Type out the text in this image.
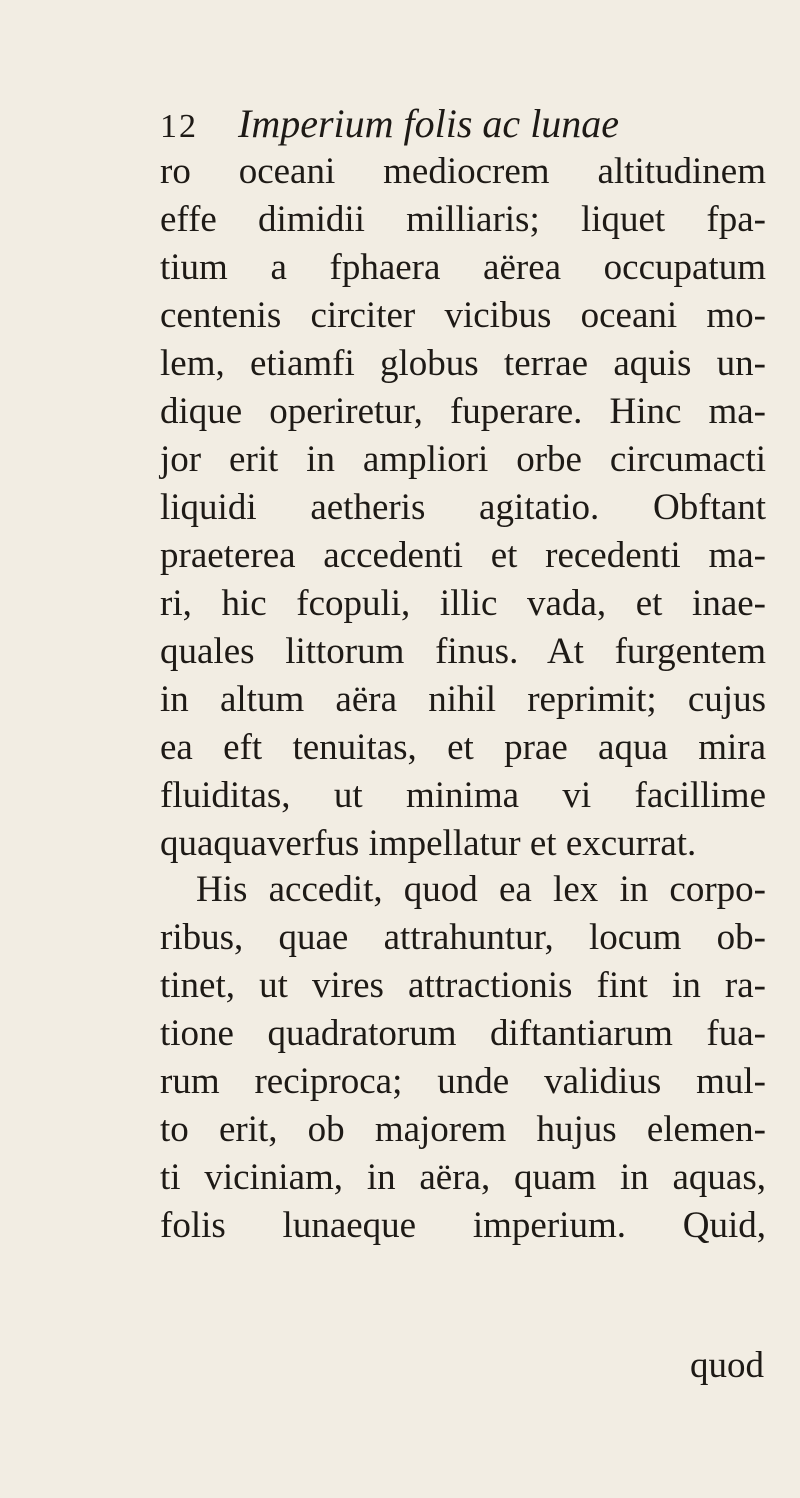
12 Imperium folis ac lunae
ro oceani mediocrem altitudinem
effe dimidii milliaris; liquet fpa-
tium a fphaera aërea occupatum
centenis circiter vicibus oceani mo-
lem, etiamfi globus terrae aquis un-
dique operiretur, fuperare. Hinc ma-
jor erit in ampliori orbe circumacti
liquidi aetheris agitatio. Obftant
praeterea accedenti et recedenti ma-
ri, hic fcopuli, illic vada, et inae-
quales littorum finus. At furgentem
in altum aëra nihil reprimit; cujus
ea eft tenuitas, et prae aqua mira
fluiditas, ut minima vi facillime
quaquaverfus impellatur et excurrat.
His accedit, quod ea lex in corpo-
ribus, quae attrahuntur, locum ob-
tinet, ut vires attractionis fint in ra-
tione quadratorum diftantiarum fua-
rum reciproca; unde validius mul-
to erit, ob majorem hujus elemen-
ti viciniam, in aëra, quam in aquas,
folis lunaeque imperium. Quid,
quod
